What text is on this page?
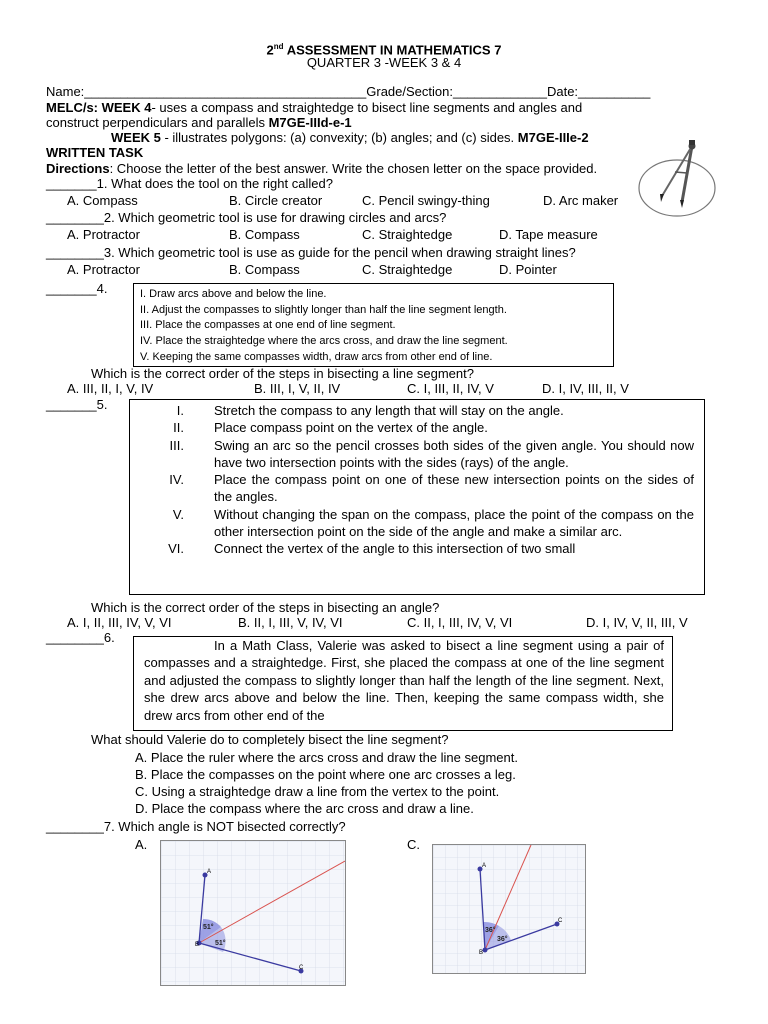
2nd ASSESSMENT IN MATHEMATICS 7
QUARTER 3 -WEEK 3 & 4
Name:_______________________________________Grade/Section:_____________Date:__________
MELC/s: WEEK 4- uses a compass and straightedge to bisect line segments and angles and
construct perpendiculars and parallels M7GE-IIId-e-1
WEEK 5 - illustrates polygons: (a) convexity; (b) angles; and (c) sides. M7GE-IIIe-2
WRITTEN TASK
Directions: Choose the letter of the best answer. Write the chosen letter on the space provided.
_______1. What does the tool on the right called?
A. Compass	B. Circle creator	C. Pencil swingy-thing	D. Arc maker
________2. Which geometric tool is use for drawing circles and arcs?
A. Protractor	B. Compass	C. Straightedge	D. Tape measure
________3. Which geometric tool is use as guide for the pencil when drawing straight lines?
A. Protractor	B. Compass	C. Straightedge	D. Pointer
_______4.	I. Draw arcs above and below the line.
II. Adjust the compasses to slightly longer than half the line segment length.
III. Place the compasses at one end of line segment.
IV. Place the straightedge where the arcs cross, and draw the line segment.
V. Keeping the same compasses width, draw arcs from other end of line.
Which is the correct order of the steps in bisecting a line segment?
A. III, II, I, V, IV	B. III, I, V, II, IV	C. I, III, II, IV, V	D. I, IV, III, II, V
_______5.	I.	Stretch the compass to any length that will stay on the angle.
II.	Place compass point on the vertex of the angle.
III.	Swing an arc so the pencil crosses both sides of the given angle. You should now have two intersection points with the sides (rays) of the angle.
IV.	Place the compass point on one of these new intersection points on the sides of the angles.
V.	Without changing the span on the compass, place the point of the compass on the other intersection point on the side of the angle and make a similar arc.
VI.	Connect the vertex of the angle to this intersection of two small
Which is the correct order of the steps in bisecting an angle?
A. I, II, III, IV, V, VI	B. II, I, III, V, IV, VI	C. II, I, III, IV, V, VI	D. I, IV, V, II, III, V
________6.
In a Math Class, Valerie was asked to bisect a line segment using a pair of compasses and a straightedge. First, she placed the compass at one of the line segment and adjusted the compass to slightly longer than half the length of the line segment. Next, she drew arcs above and below the line. Then, keeping the same compass width, she drew arcs from other end of the
What should Valerie do to completely bisect the line segment?
A. Place the ruler where the arcs cross and draw the line segment.
B. Place the compasses on the point where one arc crosses a leg.
C. Using a straightedge draw a line from the vertex to the point.
D. Place the compass where the arc cross and draw a line.
________7. Which angle is NOT bisected correctly?
A.	C.
A
B
C
51°
51°
A
B
C
36°
36°
